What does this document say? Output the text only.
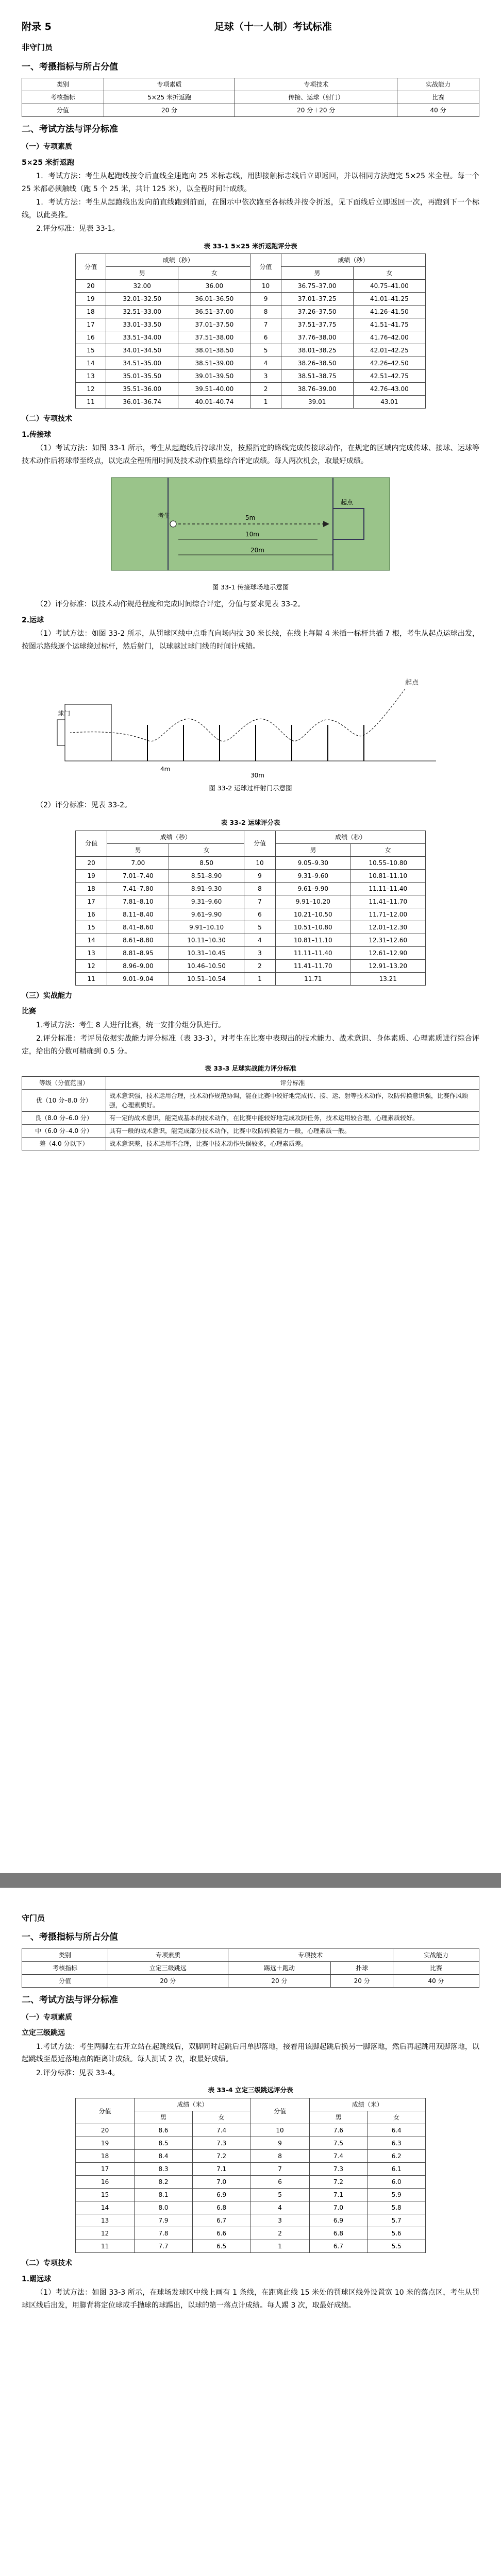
附录 5	足球（十一人制）考试标准
非守门员
一、考摄指标与所占分值
类别	专项素质	专项技术	实战能力
考核指标	5×25 米折返跑	传接、运球（射门）	比赛
分值	20 分	20 分＋20 分	40 分
二、考试方法与评分标准
（一）专项素质
5×25 米折返跑

1．考试方法：考生从起跑线按令后直线全速跑向 25 米标志线，用脚接触标志线后立即返回，并以相同方法跑完 5×25 米全程。每一个 25 米都必须触线（跑 5 个 25 米，共计 125 米），以全程时间计成绩。

1．考试方法：考生从起跑线出发向前直线跑到前面，在图示中依次跑至各标线并按令折返，见下面线后立即返回一次，再跑到下一个标线，以此类推。

2.评分标准：见表 33-1。

表 33-1 5×25 米折返跑评分表
分值	成绩（秒）		分值	成绩（秒）	
	男	女		男	女
20	32.00	36.00	10	36.75–37.00	40.75–41.00
19	32.01–32.50	36.01–36.50	9	37.01–37.25	41.01–41.25
18	32.51–33.00	36.51–37.00	8	37.26–37.50	41.26–41.50
17	33.01–33.50	37.01–37.50	7	37.51–37.75	41.51–41.75
16	33.51–34.00	37.51–38.00	6	37.76–38.00	41.76–42.00
15	34.01–34.50	38.01–38.50	5	38.01–38.25	42.01–42.25
14	34.51–35.00	38.51–39.00	4	38.26–38.50	42.26–42.50
13	35.01–35.50	39.01–39.50	3	38.51–38.75	42.51–42.75
12	35.51–36.00	39.51–40.00	2	38.76–39.00	42.76–43.00
11	36.01–36.74	40.01–40.74	1	39.01	43.01
（二）专项技术
1.传接球

（1）考试方法：如图 33-1 所示，考生从起跑线后持球出发，按照指定的路线完成传接球动作，在规定的区域内完成传球、接球、运球等技术动作后将球带至终点，以完成全程所用时间及技术动作质量综合评定成绩。每人两次机会，取最好成绩。

考生	5m
10m
20m
起点
图 33-1 传接球场地示意图

（2）评分标准：以技术动作规范程度和完成时间综合评定，分值与要求见表 33-2。

2.运球

（1）考试方法：如图 33-2 所示，从罚球区线中点垂直向场内拉 30 米长线，在线上每隔 4 米插一标杆共插 7 根，考生从起点运球出发，按图示路线逐个运球绕过标杆，然后射门，以球越过球门线的时间计成绩。

起点
4m
30m
球门
图 33-2 运球过杆射门示意图

（2）评分标准：见表 33-2。

表 33-2 运球评分表
分值	成绩（秒）		分值	成绩（秒）	
	男	女		男	女
20	7.00	8.50	10	9.05–9.30	10.55–10.80
19	7.01–7.40	8.51–8.90	9	9.31–9.60	10.81–11.10
18	7.41–7.80	8.91–9.30	8	9.61–9.90	11.11–11.40
17	7.81–8.10	9.31–9.60	7	9.91–10.20	11.41–11.70
16	8.11–8.40	9.61–9.90	6	10.21–10.50	11.71–12.00
15	8.41–8.60	9.91–10.10	5	10.51–10.80	12.01–12.30
14	8.61–8.80	10.11–10.30	4	10.81–11.10	12.31–12.60
13	8.81–8.95	10.31–10.45	3	11.11–11.40	12.61–12.90
12	8.96–9.00	10.46–10.50	2	11.41–11.70	12.91–13.20
11	9.01–9.04	10.51–10.54	1	11.71	13.21
（三）实战能力
比赛

1.考试方法：考生 8 人进行比赛，统一安排分组分队进行。

2.评分标准：考评员依据实战能力评分标准（表 33-3），对考生在比赛中表现出的技术能力、战术意识、身体素质、心理素质进行综合评定，给出的分数可精确到 0.5 分。

表 33-3 足球实战能力评分标准
等级（分值范围）	评分标准
优（10 分–8.0 分）	战术意识强，技术运用合理，技术动作规范协调，能在比赛中较好地完成传、接、运、射等技术动作，攻防转换意识强，比赛作风顽强，心理素质好。
良（8.0 分–6.0 分）	有一定的战术意识，能完成基本的技术动作，在比赛中能较好地完成攻防任务，技术运用较合理，心理素质较好。
中（6.0 分–4.0 分）	具有一般的战术意识，能完成部分技术动作，比赛中攻防转换能力一般，心理素质一般。
差（4.0 分以下）	战术意识差，技术运用不合理，比赛中技术动作失误较多，心理素质差。
守门员
一、考摄指标与所占分值
类别	专项素质	专项技术		实战能力
考核指标	立定三级跳远	踢远＋跑动	扑球	比赛
分值	20 分	20 分	20 分	40 分
二、考试方法与评分标准
（一）专项素质
立定三级跳远

1.考试方法：考生两脚左右开立站在起跳线后，双脚同时起跳后用单脚落地，接着用该脚起跳后换另一脚落地，然后再起跳用双脚落地，以起跳线至最近落地点的距离计成绩。每人测试 2 次，取最好成绩。

2.评分标准：见表 33-4。

表 33-4 立定三级跳远评分表
分值	成绩（米）		分值	成绩（米）	
	男	女		男	女
20	8.6	7.4	10	7.6	6.4
19	8.5	7.3	9	7.5	6.3
18	8.4	7.2	8	7.4	6.2
17	8.3	7.1	7	7.3	6.1
16	8.2	7.0	6	7.2	6.0
15	8.1	6.9	5	7.1	5.9
14	8.0	6.8	4	7.0	5.8
13	7.9	6.7	3	6.9	5.7
12	7.8	6.6	2	6.8	5.6
11	7.7	6.5	1	6.7	5.5
（二）专项技术
1.踢远球

（1）考试方法：如图 33-3 所示，在球场发球区中线上画有 1 条线，在距离此线 15 米处的罚球区线外设置宽 10 米的落点区，考生从罚球区线后出发，用脚背将定位球或手抛球的球踢出，以球的第一落点计成绩。每人踢 3 次，取最好成绩。
